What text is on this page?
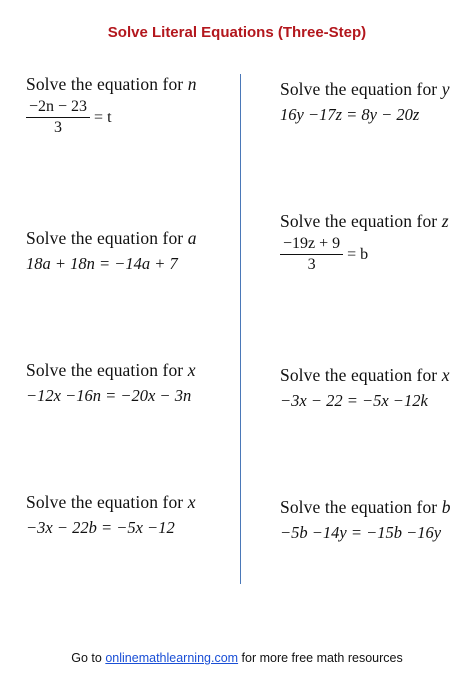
Solve Literal Equations (Three-Step)
Solve the equation for n
$\frac{-2n - 23}{3} = t$
Solve the equation for y
16y −17z = 8y − 20z
Solve the equation for a
18a + 18n = −14a + 7
Solve the equation for z
$\frac{-19z + 9}{3} = b$
Solve the equation for x
−12x −16n = −20x − 3n
Solve the equation for x
−3x − 22 = −5x −12k
Solve the equation for x
−3x − 22b = −5x −12
Solve the equation for b
−5b −14y = −15b −16y
Go to onlinemathlearning.com for more free math resources
